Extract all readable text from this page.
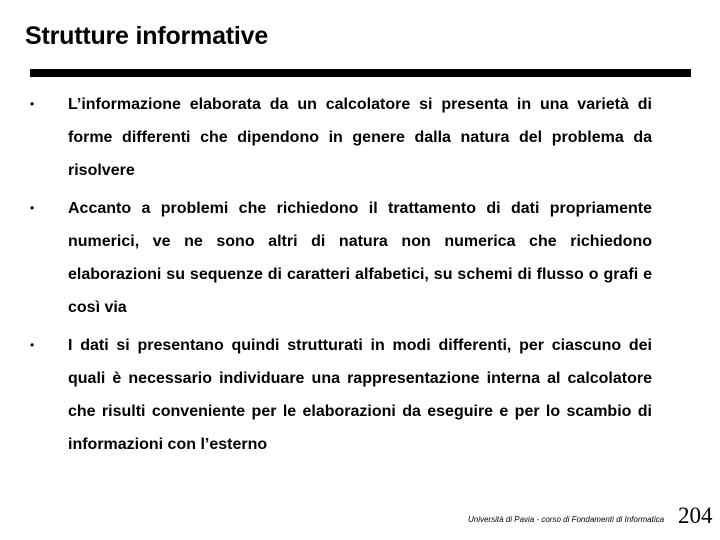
Strutture informative
• L’informazione elaborata da un calcolatore si presenta in una varietà di forme differenti che dipendono in genere dalla natura del problema da risolvere
• Accanto a problemi che richiedono il trattamento di dati propriamente numerici, ve ne sono altri di natura non numerica che richiedono elaborazioni su sequenze di caratteri alfabetici, su schemi di flusso o grafi e così via
• I dati si presentano quindi strutturati in modi differenti, per ciascuno dei quali è necessario individuare una rappresentazione interna al calcolatore che risulti conveniente per le elaborazioni da eseguire e per lo scambio di informazioni con l’esterno
Università di Pavia - corso di Fondamenti di Informatica 204
